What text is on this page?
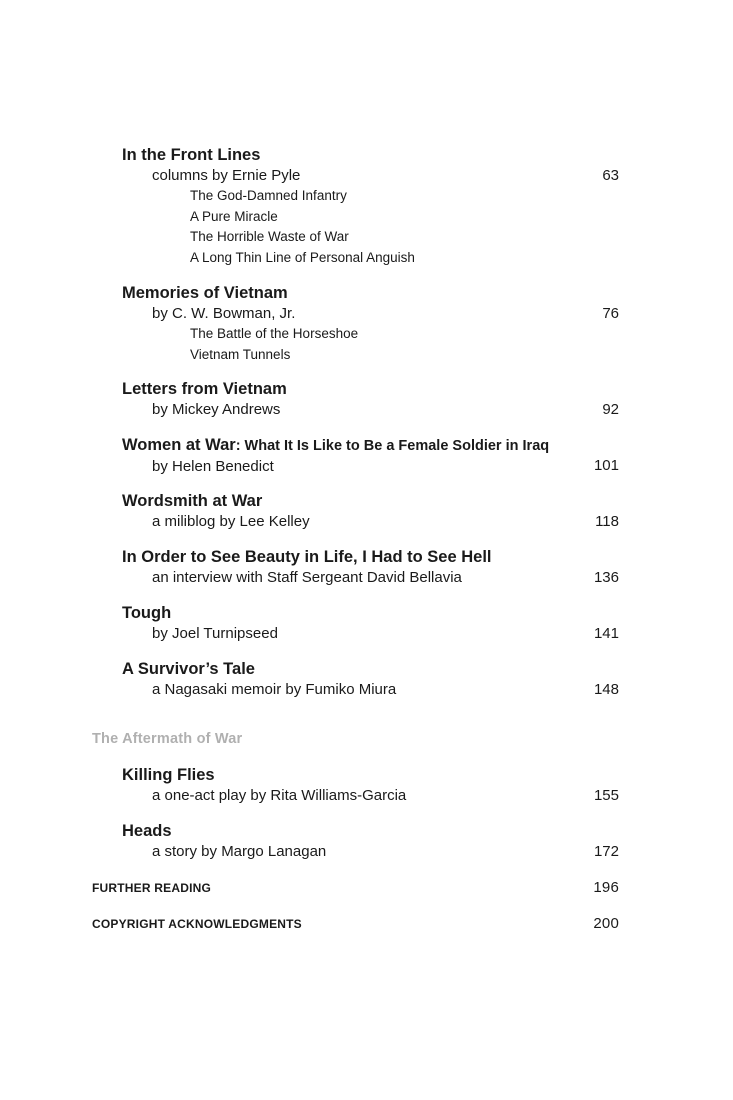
In the Front Lines
columns by Ernie Pyle	63
The God-Damned Infantry
A Pure Miracle
The Horrible Waste of War
A Long Thin Line of Personal Anguish
Memories of Vietnam
by C. W. Bowman, Jr.	76
The Battle of the Horseshoe
Vietnam Tunnels
Letters from Vietnam
by Mickey Andrews	92
Women at War: What It Is Like to Be a Female Soldier in Iraq
by Helen Benedict	101
Wordsmith at War
a miliblog by Lee Kelley	118
In Order to See Beauty in Life, I Had to See Hell
an interview with Staff Sergeant David Bellavia	136
Tough
by Joel Turnipseed	141
A Survivor’s Tale
a Nagasaki memoir by Fumiko Miura	148
The Aftermath of War
Killing Flies
a one-act play by Rita Williams-Garcia	155
Heads
a story by Margo Lanagan	172
FURTHER READING	196
COPYRIGHT ACKNOWLEDGMENTS	200
